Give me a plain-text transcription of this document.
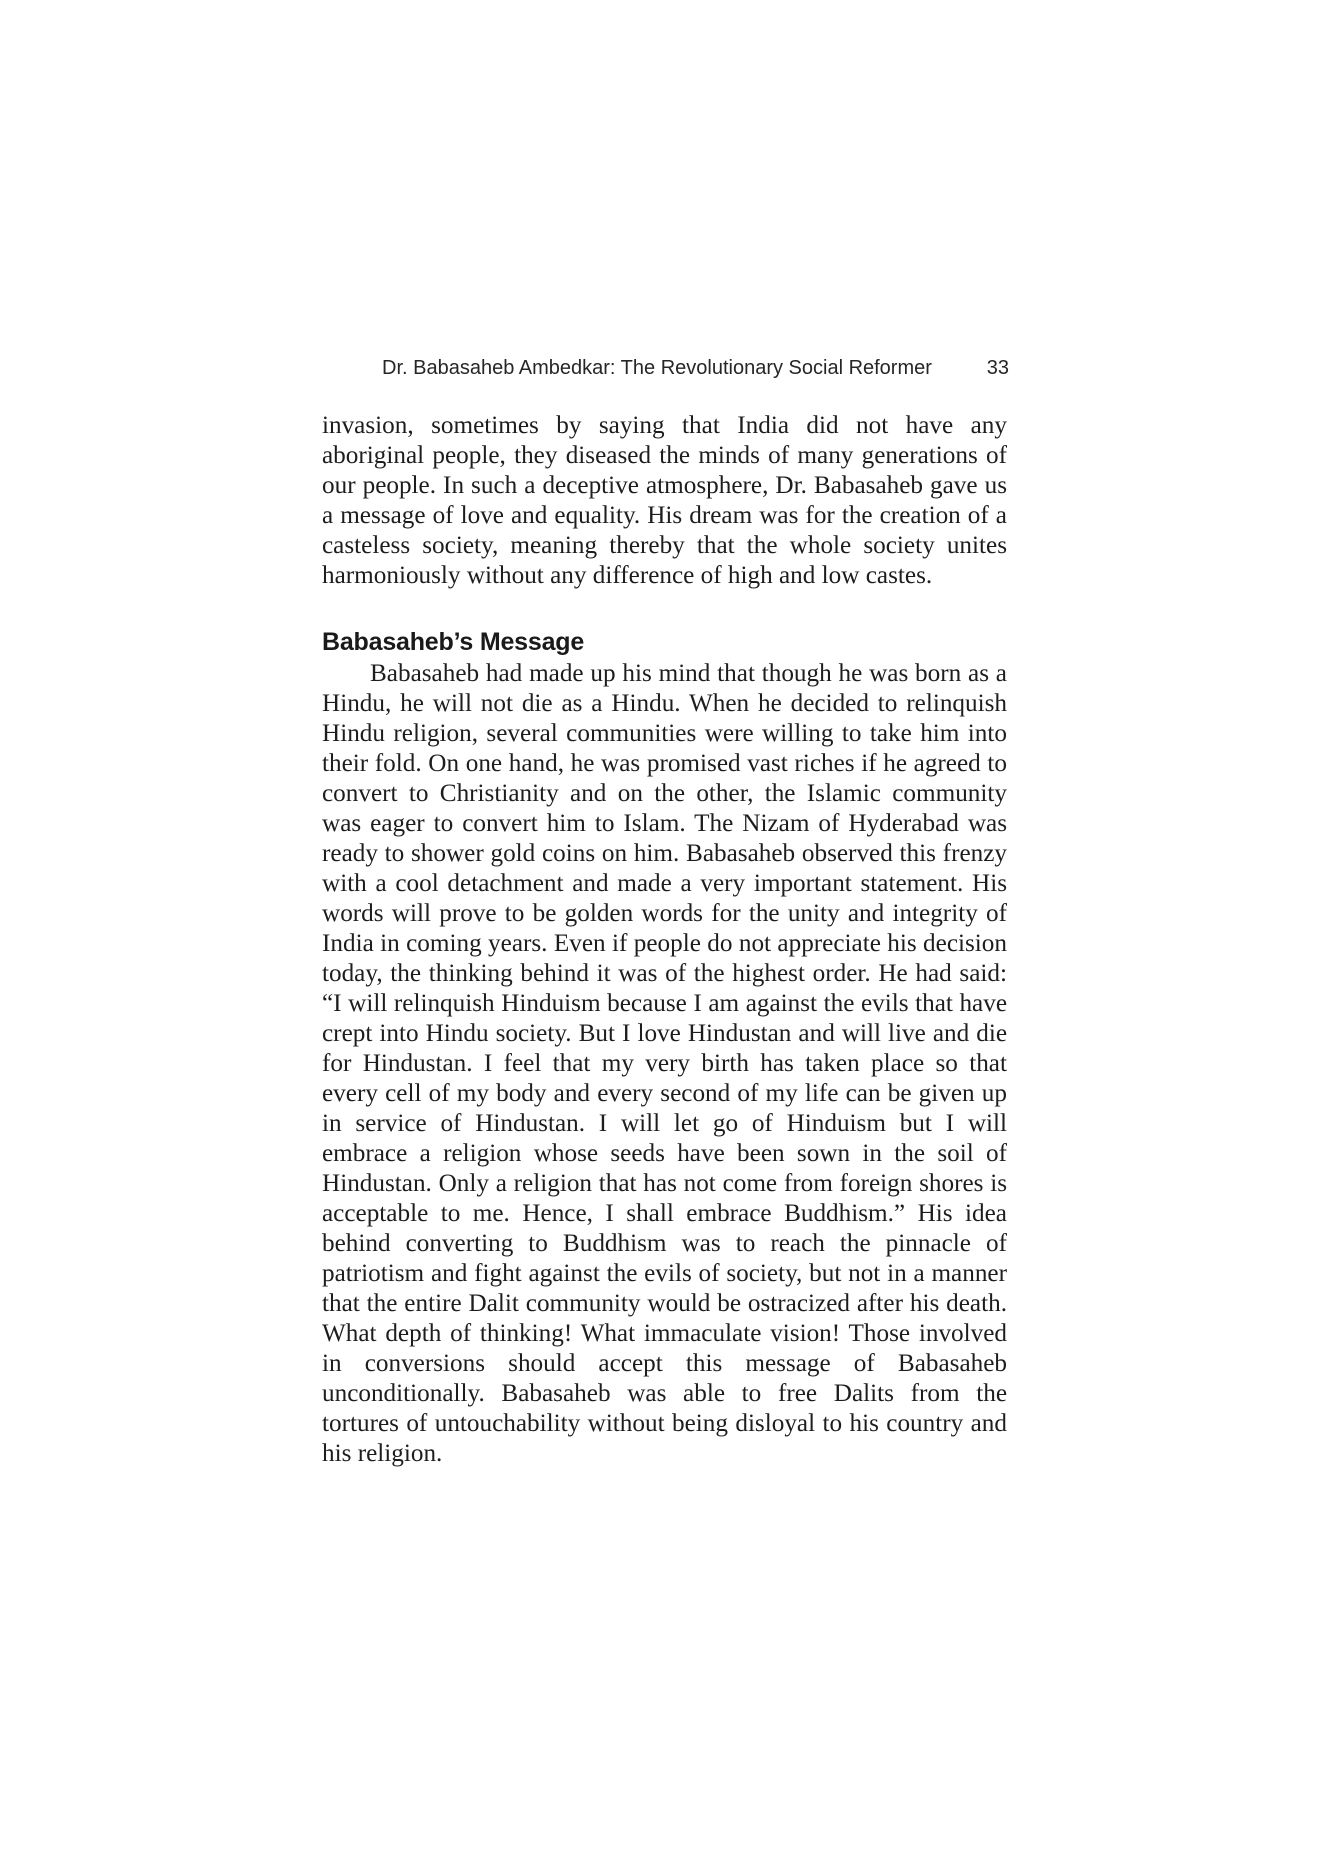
Dr. Babasaheb Ambedkar: The Revolutionary Social Reformer	33

invasion, sometimes by saying that India did not have any aboriginal people, they diseased the minds of many generations of our people. In such a deceptive atmosphere, Dr. Babasaheb gave us a message of love and equality. His dream was for the creation of a casteless society, meaning thereby that the whole society unites harmoniously without any difference of high and low castes.

Babasaheb’s Message

Babasaheb had made up his mind that though he was born as a Hindu, he will not die as a Hindu. When he decided to relinquish Hindu religion, several communities were willing to take him into their fold. On one hand, he was promised vast riches if he agreed to convert to Christianity and on the other, the Islamic community was eager to convert him to Islam. The Nizam of Hyderabad was ready to shower gold coins on him. Babasaheb observed this frenzy with a cool detachment and made a very important statement. His words will prove to be golden words for the unity and integrity of India in coming years. Even if people do not appreciate his decision today, the thinking behind it was of the highest order. He had said: “I will relinquish Hinduism because I am against the evils that have crept into Hindu society. But I love Hindustan and will live and die for Hindustan. I feel that my very birth has taken place so that every cell of my body and every second of my life can be given up in service of Hindustan. I will let go of Hinduism but I will embrace a religion whose seeds have been sown in the soil of Hindustan. Only a religion that has not come from foreign shores is acceptable to me. Hence, I shall embrace Buddhism.” His idea behind converting to Buddhism was to reach the pinnacle of patriotism and fight against the evils of society, but not in a manner that the entire Dalit community would be ostracized after his death. What depth of thinking! What immaculate vision! Those involved in conversions should accept this message of Babasaheb unconditionally. Babasaheb was able to free Dalits from the tortures of untouchability without being disloyal to his country and his religion.
